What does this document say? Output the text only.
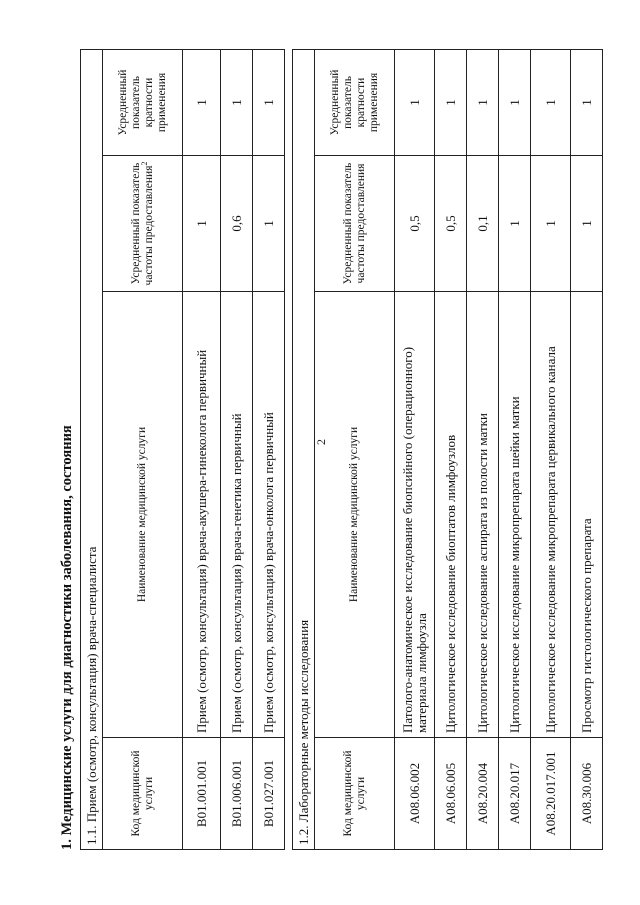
2
1. Медицинские услуги для диагностики заболевания, состояния 1.1. Прием (осмотр, консультация) врача-специалиста			
Код медицинской услуги	Наименование медицинской услуги	Усредненный показатель частоты предоставления$^2$	Усредненный показатель кратности применения
B01.001.001	Прием (осмотр, консультация) врача-акушера-гинеколога первичный	1	1
B01.006.001	Прием (осмотр, консультация) врача-генетика первичный	0,6	1
B01.027.001	Прием (осмотр, консультация) врача-онколога первичный	1	1
1.2. Лабораторные методы исследования			
Код медицинской услуги	Наименование медицинской услуги	Усредненный показатель частоты предоставления	Усредненный показатель кратности применения
A08.06.002	Патолого-анатомическое исследование биопсийного (операционного) материала лимфоузла	0,5	1
A08.06.005	Цитологическое исследование биоптатов лимфоузлов	0,5	1
A08.20.004	Цитологическое исследование аспирата из полости матки	0,1	1
A08.20.017	Цитологическое исследование микропрепарата шейки матки	1	1
A08.20.017.001	Цитологическое исследование микропрепарата цервикального канала	1	1
A08.30.006	Просмотр гистологического препарата	1	1
